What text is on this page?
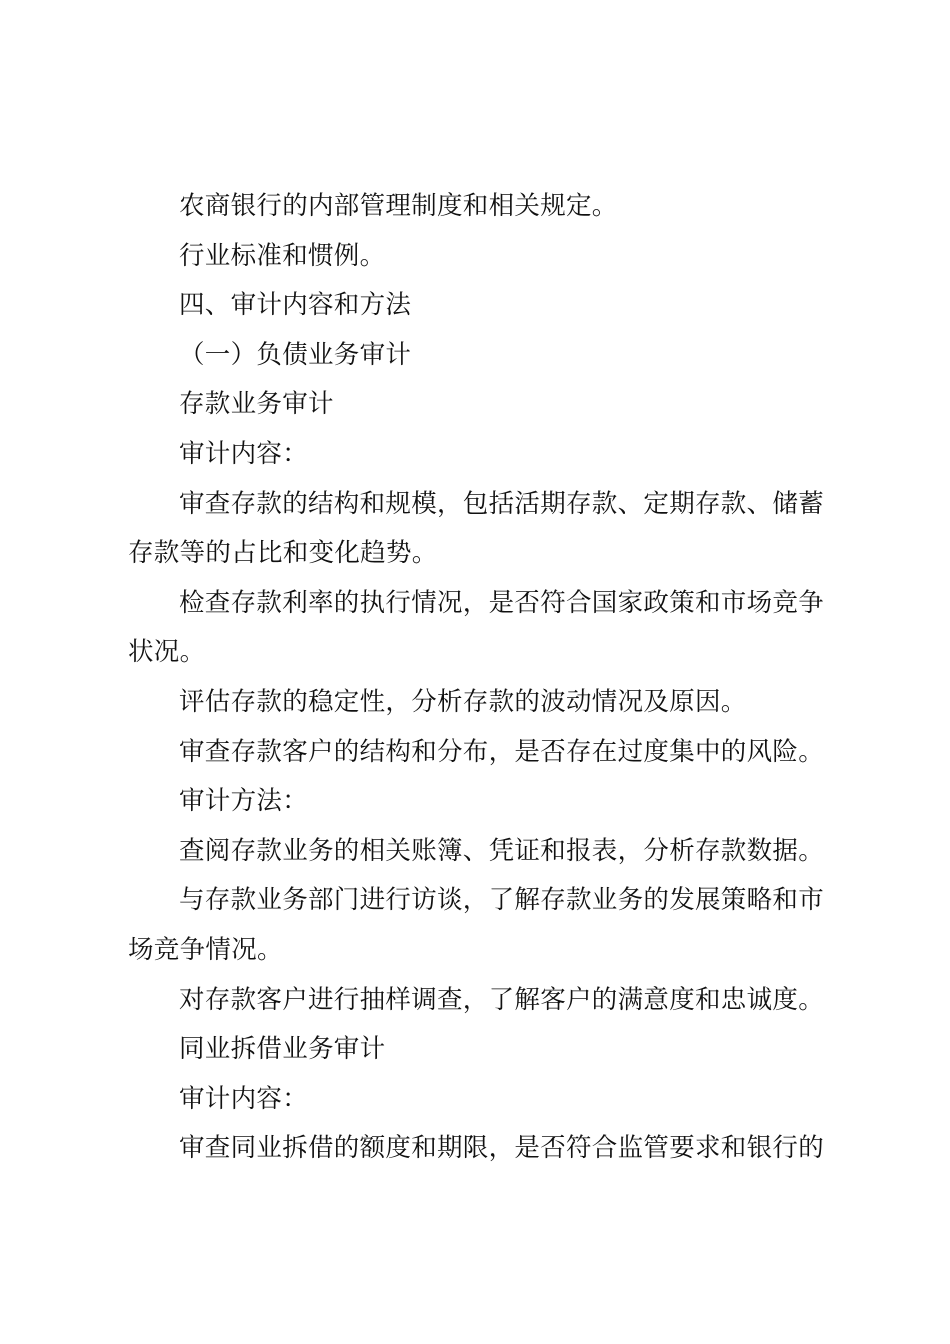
农商银行的内部管理制度和相关规定。

行业标准和惯例。

四、审计内容和方法

（一）负债业务审计

存款业务审计

审计内容：

审查存款的结构和规模，包括活期存款、定期存款、储蓄存款等的占比和变化趋势。

检查存款利率的执行情况，是否符合国家政策和市场竞争状况。

评估存款的稳定性，分析存款的波动情况及原因。

审查存款客户的结构和分布，是否存在过度集中的风险。

审计方法：

查阅存款业务的相关账簿、凭证和报表，分析存款数据。

与存款业务部门进行访谈，了解存款业务的发展策略和市场竞争情况。

对存款客户进行抽样调查，了解客户的满意度和忠诚度。

同业拆借业务审计

审计内容：

审查同业拆借的额度和期限，是否符合监管要求和银行的
